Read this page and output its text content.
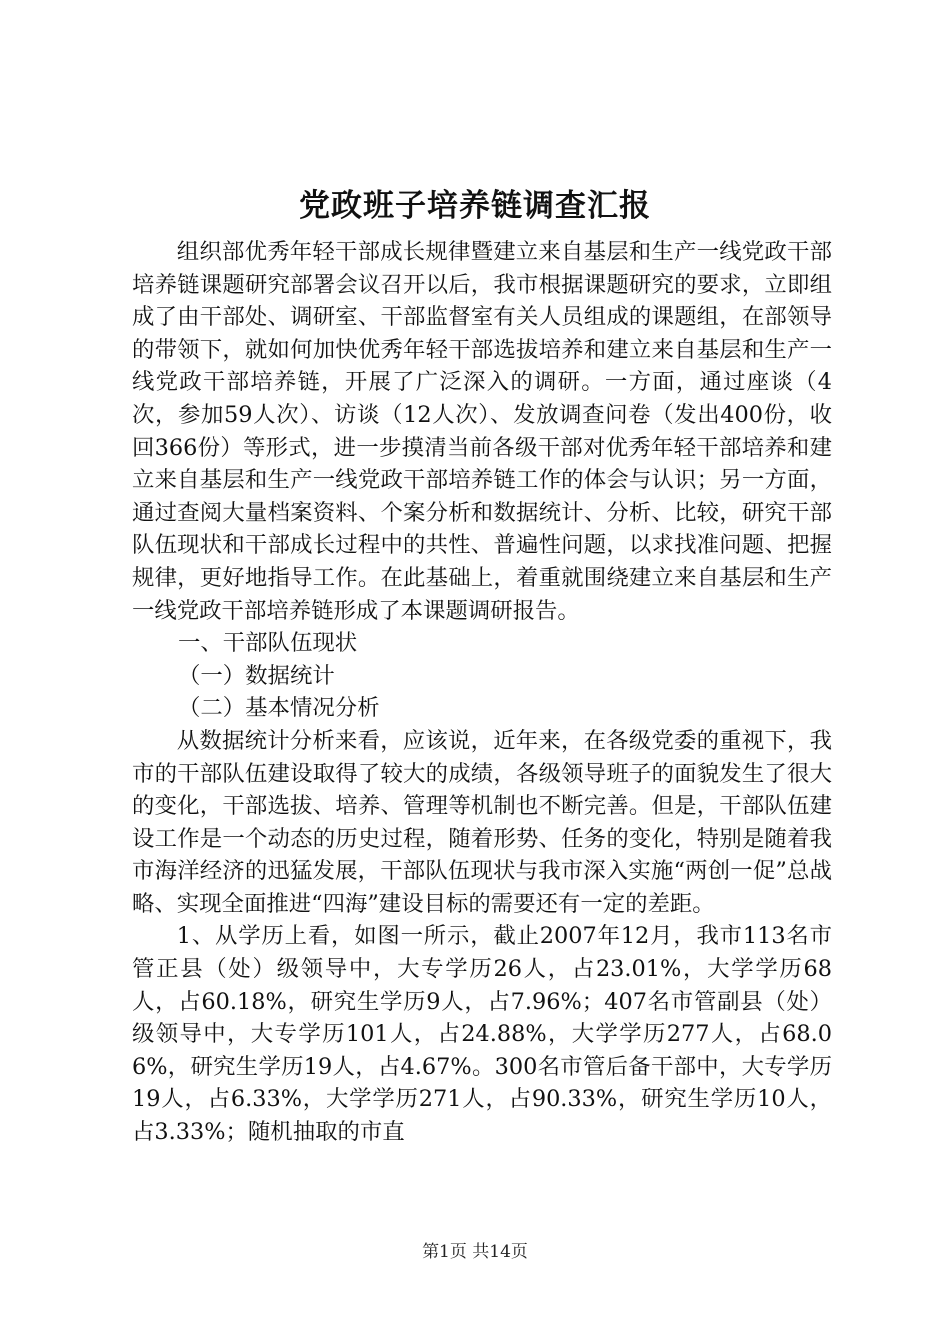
党政班子培养链调查汇报

组织部优秀年轻干部成长规律暨建立来自基层和生产一线党政干部培养链课题研究部署会议召开以后，我市根据课题研究的要求，立即组成了由干部处、调研室、干部监督室有关人员组成的课题组，在部领导的带领下，就如何加快优秀年轻干部选拔培养和建立来自基层和生产一线党政干部培养链，开展了广泛深入的调研。一方面，通过座谈（4次，参加59人次）、访谈（12人次）、发放调查问卷（发出400份，收回366份）等形式，进一步摸清当前各级干部对优秀年轻干部培养和建立来自基层和生产一线党政干部培养链工作的体会与认识；另一方面，通过查阅大量档案资料、个案分析和数据统计、分析、比较，研究干部队伍现状和干部成长过程中的共性、普遍性问题，以求找准问题、把握规律，更好地指导工作。在此基础上，着重就围绕建立来自基层和生产一线党政干部培养链形成了本课题调研报告。

一、干部队伍现状

（一）数据统计

（二）基本情况分析

从数据统计分析来看，应该说，近年来，在各级党委的重视下，我市的干部队伍建设取得了较大的成绩，各级领导班子的面貌发生了很大的变化，干部选拔、培养、管理等机制也不断完善。但是，干部队伍建设工作是一个动态的历史过程，随着形势、任务的变化，特别是随着我市海洋经济的迅猛发展，干部队伍现状与我市深入实施“两创一促”总战略、实现全面推进“四海”建设目标的需要还有一定的差距。

1、从学历上看，如图一所示，截止2007年12月，我市113名市管正县（处）级领导中，大专学历26人，占23.01%，大学学历68人，占60.18%，研究生学历9人，占7.96%；407名市管副县（处）级领导中，大专学历101人，占24.88%，大学学历277人，占68.06%，研究生学历19人，占4.67%。300名市管后备干部中，大专学历19人，占6.33%，大学学历271人，占90.33%，研究生学历10人，占3.33%；随机抽取的市直

第1页 共14页
